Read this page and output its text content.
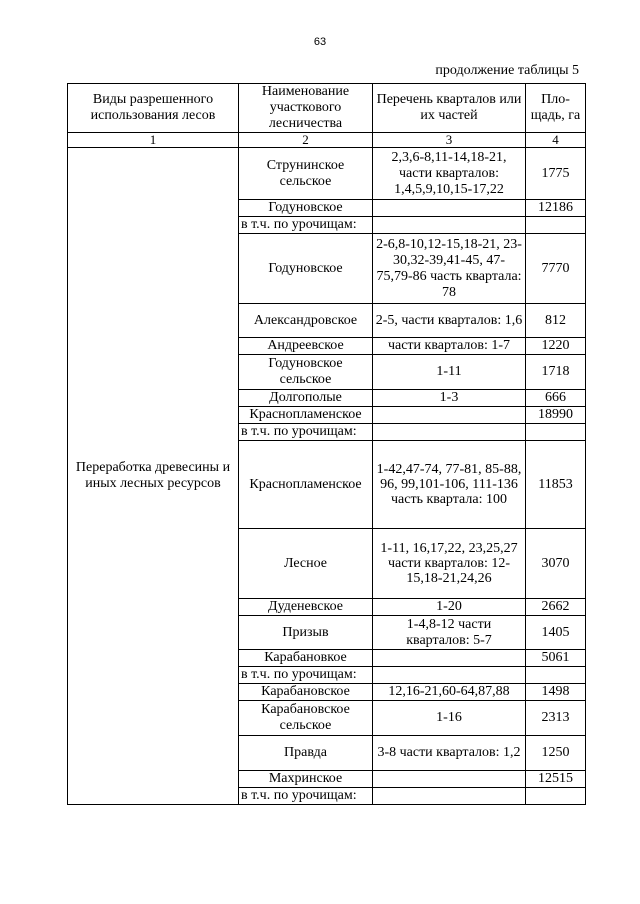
63
продолжение таблицы 5
Виды разрешенного использования лесов	Наименование участкового лесничества	Перечень кварталов или их частей	Пло-щадь, га
1	2	3	4
Переработка древесины и иных лесных ресурсов	Струнинское сельское	2,3,6-8,11-14,18-21, части кварталов: 1,4,5,9,10,15-17,22	1775
	Годуновское		12186
	в т.ч. по урочищам:		
	Годуновское	2-6,8-10,12-15,18-21, 23-30,32-39,41-45, 47-75,79-86 часть квартала: 78	7770
	Александровское	2-5, части кварталов: 1,6	812
	Андреевское	части кварталов: 1-7	1220
	Годуновское сельское	1-11	1718
	Долгополые	1-3	666
	Краснопламенское		18990
	в т.ч. по урочищам:		
	Краснопламенское	1-42,47-74, 77-81, 85-88, 96, 99,101-106, 111-136 часть квартала: 100	11853
	Лесное	1-11, 16,17,22, 23,25,27 части кварталов: 12-15,18-21,24,26	3070
	Дуденевское	1-20	2662
	Призыв	1-4,8-12 части кварталов: 5-7	1405
	Карабановкое		5061
	в т.ч. по урочищам:		
	Карабановское	12,16-21,60-64,87,88	1498
	Карабановское сельское	1-16	2313
	Правда	3-8 части кварталов: 1,2	1250
	Махринское		12515
	в т.ч. по урочищам:		
